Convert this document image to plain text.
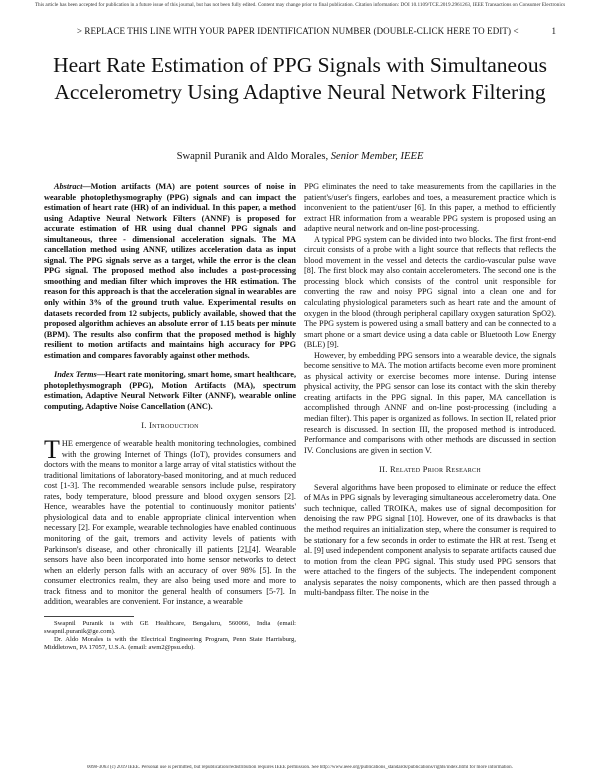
This article has been accepted for publication in a future issue of this journal, but has not been fully edited. Content may change prior to final publication. Citation information: DOI 10.1109/TCE.2019.2961263, IEEE Transactions on Consumer Electronics
> REPLACE THIS LINE WITH YOUR PAPER IDENTIFICATION NUMBER (DOUBLE-CLICK HERE TO EDIT) <	1
Heart Rate Estimation of PPG Signals with Simultaneous Accelerometry Using Adaptive Neural Network Filtering
Swapnil Puranik and Aldo Morales, Senior Member, IEEE

Abstract—Motion artifacts (MA) are potent sources of noise in wearable photoplethysmography (PPG) signals and can impact the estimation of heart rate (HR) of an individual. In this paper, a method using Adaptive Neural Network Filters (ANNF) is proposed for accurate estimation of HR using dual channel PPG signals and simultaneous, three - dimensional acceleration signals. The MA cancellation method using ANNF, utilizes acceleration data as input signal. The PPG signals serve as a target, while the error is the clean PPG signal. The proposed method also includes a post-processing smoothing and median filter which improves the HR estimation. The reason for this approach is that the acceleration signal in wearables are only within 3% of the ground truth value. Experimental results on datasets recorded from 12 subjects, publicly available, showed that the proposed algorithm achieves an absolute error of 1.15 beats per minute (BPM). The results also confirm that the proposed method is highly resilient to motion artifacts and maintains high accuracy for PPG estimation and compares favorably against other methods.

Index Terms—Heart rate monitoring, smart home, smart healthcare, photoplethysmograph (PPG), Motion Artifacts (MA), spectrum estimation, Adaptive Neural Network Filter (ANNF), wearable online computing, Adaptive Noise Cancellation (ANC).

I. Introduction

THE emergence of wearable health monitoring technologies, combined with the growing Internet of Things (IoT), provides consumers and doctors with the means to monitor a large array of vital statistics without the traditional limitations of laboratory-based monitoring, and at much reduced cost [1-3]. The recommended wearable sensors include pulse, respiratory rates, body temperature, blood pressure and blood oxygen sensors [2]. Hence, wearables have the potential to continuously monitor patients' physiological data and to enable appropriate clinical intervention when necessary [2]. For example, wearable technologies have enabled continuous monitoring of the gait, tremors and activity levels of patients with Parkinson's disease, and other chronically ill patients [2],[4]. Wearable sensors have also been incorporated into home sensor networks to detect when an elderly person falls with an accuracy of over 98% [5]. In the consumer electronics realm, they are also being used more and more to track fitness and to monitor the general health of consumers [5-7]. In addition, wearables are convenient. For instance, a wearable

Swapnil Puranik is with GE Healthcare, Bengaluru, 560066, India (email: swapnil.puranik@ge.com).

Dr. Aldo Morales is with the Electrical Engineering Program, Penn State Harrisburg, Middletown, PA 17057, U.S.A. (email: awm2@psu.edu).

PPG eliminates the need to take measurements from the capillaries in the patient's/user's fingers, earlobes and toes, a measurement practice which is inconvenient to the patient/user [6]. In this paper, a method to efficiently extract HR information from a wearable PPG system is proposed using an adaptive neural network and on-line post-processing.

A typical PPG system can be divided into two blocks. The first front-end circuit consists of a probe with a light source that reflects that reflects the blood movement in the vessel and detects the cardio-vascular pulse wave [8]. The first block may also contain accelerometers. The second one is the processing block which consists of the control unit responsible for converting the raw and noisy PPG signal into a clean one and for calculating physiological parameters such as heart rate and the amount of oxygen in the blood (through peripheral capillary oxygen saturation SpO2). The PPG system is powered using a small battery and can be connected to a smart phone or a smart device using a data cable or Bluetooth Low Energy (BLE) [9].

However, by embedding PPG sensors into a wearable device, the signals become sensitive to MA. The motion artifacts become even more prominent as physical activity or exercise becomes more intense. During intense physical activity, the PPG sensor can lose its contact with the skin thereby creating artifacts in the PPG signal. In this paper, MA cancellation is accomplished through ANNF and on-line post-processing (including a median filter). This paper is organized as follows. In section II, related prior research is discussed. In section III, the proposed method is introduced. Performance and comparisons with other methods are discussed in section IV. Conclusions are given in section V.

II. Related Prior Research

Several algorithms have been proposed to eliminate or reduce the effect of MAs in PPG signals by leveraging simultaneous accelerometry data. One such technique, called TROIKA, makes use of signal decomposition for denoising the raw PPG signal [10]. However, one of its drawbacks is that the method requires an initialization step, where the consumer is required to be stationary for a few seconds in order to estimate the HR at rest. Tseng et al. [9] used independent component analysis to separate artifacts caused due to motion from the clean PPG signal. This study used PPG sensors that were attached to the fingers of the subjects. The independent component analysis separates the noisy components, which are then passed through a multi-bandpass filter. The noise in the

0098-3063 (c) 2019 IEEE. Personal use is permitted, but republication/redistribution requires IEEE permission. See http://www.ieee.org/publications_standards/publications/rights/index.html for more information.
